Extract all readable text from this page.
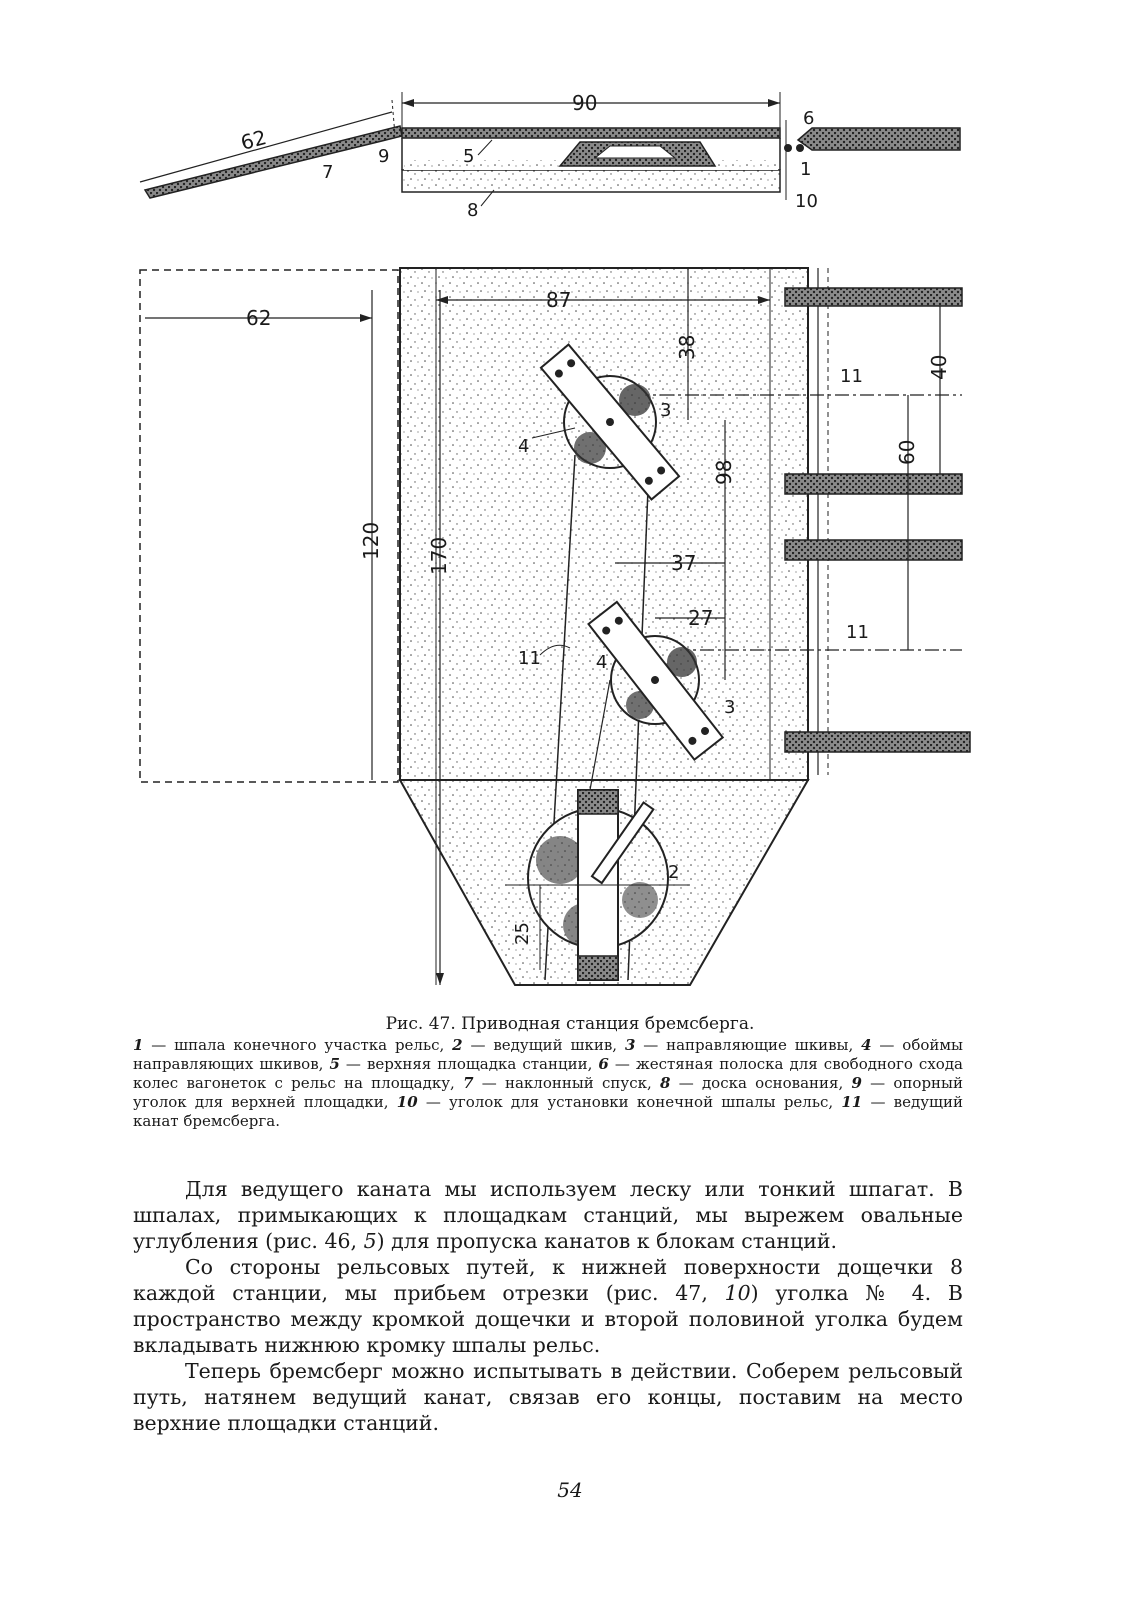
62
90
9	5
7
8
6
1
10
62
87
120 170
38
98
37
27
11
11
40
60
3
4
3
4
11
2
25
Рис. 47. Приводная станция бремсберга.
1 — шпала конечного участка рельс, 2 — ведущий шкив, 3 — направляющие шкивы, 4 — обоймы направляющих шкивов, 5 — верхняя площадка станции, 6 — жестяная полоска для свободного схода колес вагонеток с рельс на площадку, 7 — наклонный спуск, 8 — доска основания, 9 — опорный уголок для верхней площадки, 10 — уголок для установки конечной шпалы рельс, 11 — ведущий канат бремсберга.

Для ведущего каната мы используем леску или тонкий шпагат. В шпалах, примыкающих к площадкам станций, мы вырежем овальные углубления (рис. 46, 5) для пропуска канатов к блокам станций.

Со стороны рельсовых путей, к нижней поверхности дощечки 8 каждой станции, мы прибьем отрезки (рис. 47, 10) уголка № 4. В пространство между кромкой дощечки и второй половиной уголка будем вкладывать нижнюю кромку шпалы рельс.

Теперь бремсберг можно испытывать в действии. Соберем рельсовый путь, натянем ведущий канат, связав его концы, поставим на место верхние площадки станций.

54
